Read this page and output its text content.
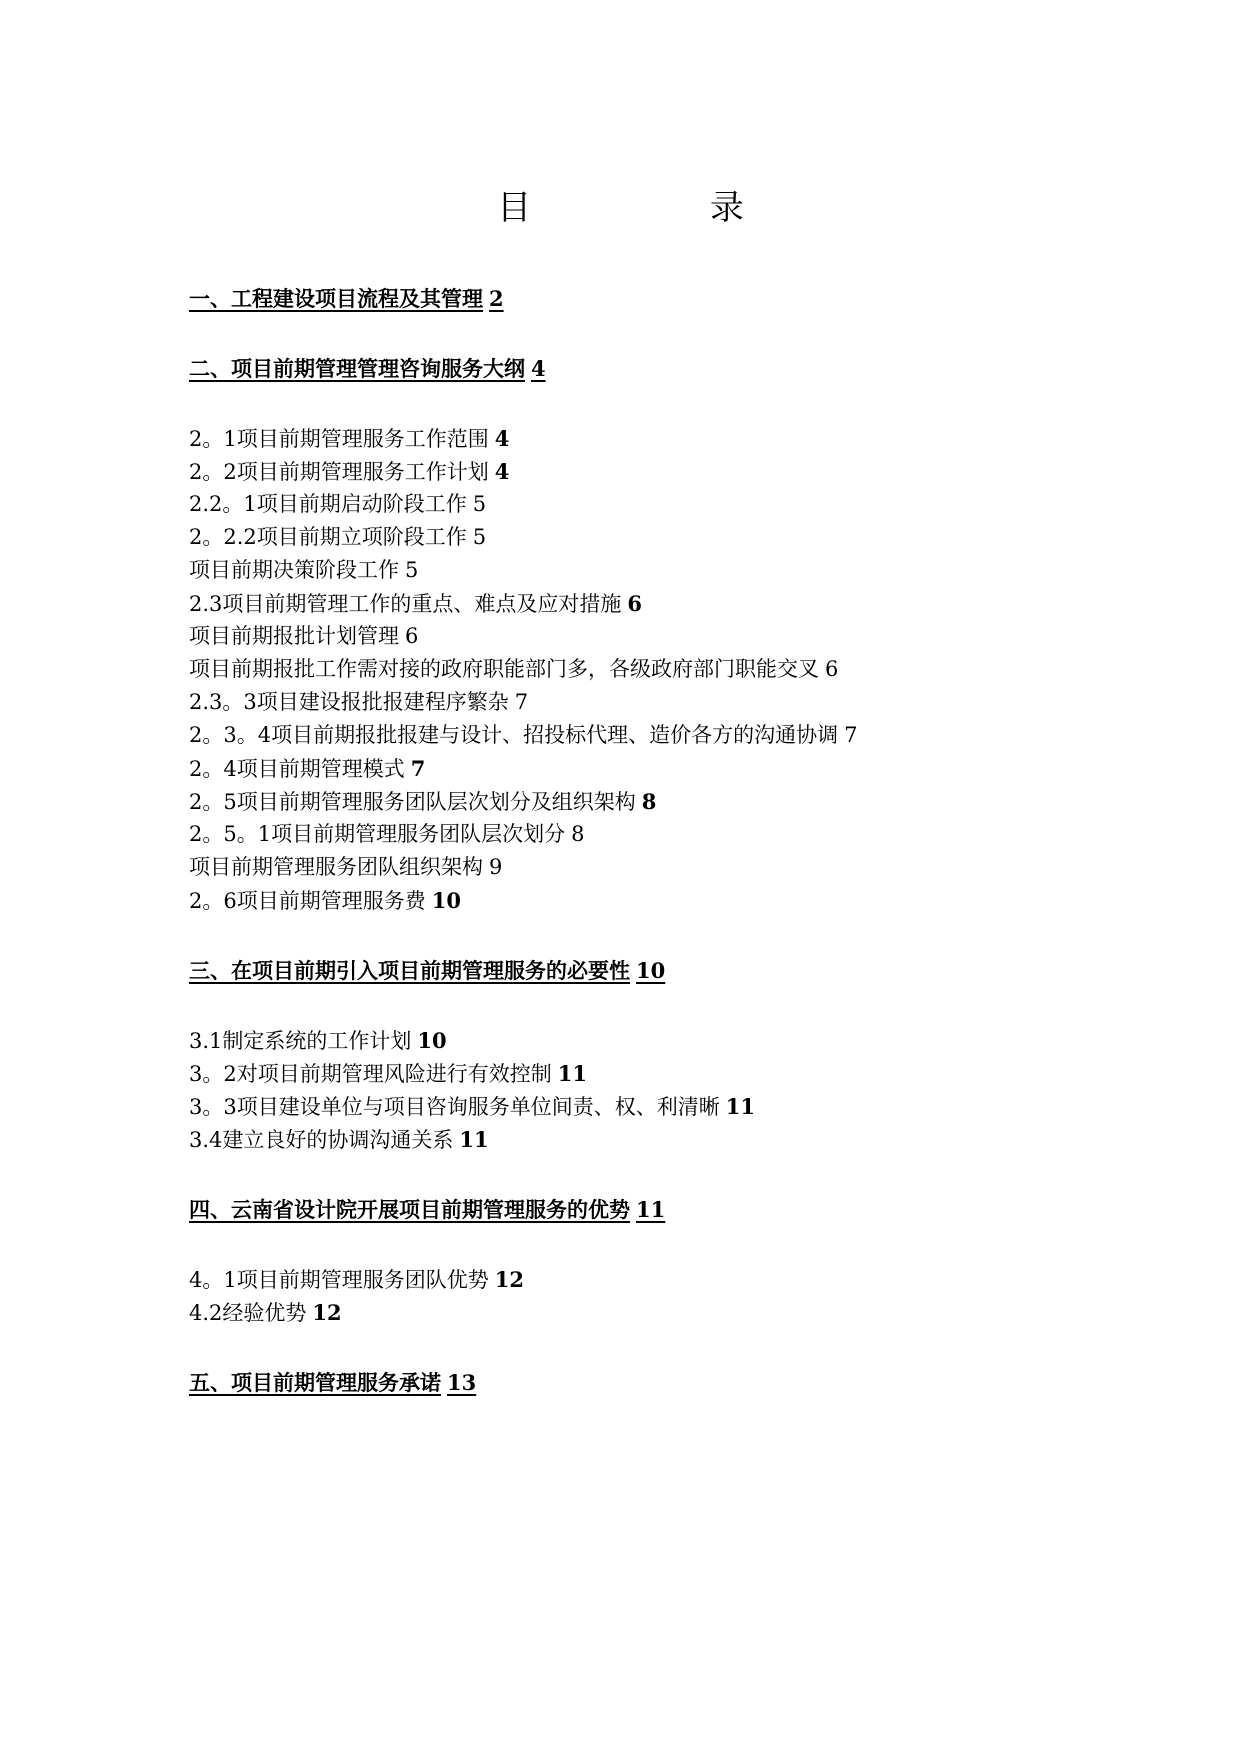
目 录
一、工程建设项目流程及其管理 2
二、项目前期管理管理咨询服务大纲 4
2。1项目前期管理服务工作范围 4
2。2项目前期管理服务工作计划 4
2.2。1项目前期启动阶段工作 5
2。2.2项目前期立项阶段工作 5
项目前期决策阶段工作 5
2.3项目前期管理工作的重点、难点及应对措施 6
项目前期报批计划管理 6
项目前期报批工作需对接的政府职能部门多，各级政府部门职能交叉 6
2.3。3项目建设报批报建程序繁杂 7
2。3。4项目前期报批报建与设计、招投标代理、造价各方的沟通协调 7
2。4项目前期管理模式 7
2。5项目前期管理服务团队层次划分及组织架构 8
2。5。1项目前期管理服务团队层次划分 8
项目前期管理服务团队组织架构 9
2。6项目前期管理服务费 10
三、在项目前期引入项目前期管理服务的必要性 10
3.1制定系统的工作计划 10
3。2对项目前期管理风险进行有效控制 11
3。3项目建设单位与项目咨询服务单位间责、权、利清晰 11
3.4建立良好的协调沟通关系 11
四、云南省设计院开展项目前期管理服务的优势 11
4。1项目前期管理服务团队优势 12
4.2经验优势 12
五、项目前期管理服务承诺 13
